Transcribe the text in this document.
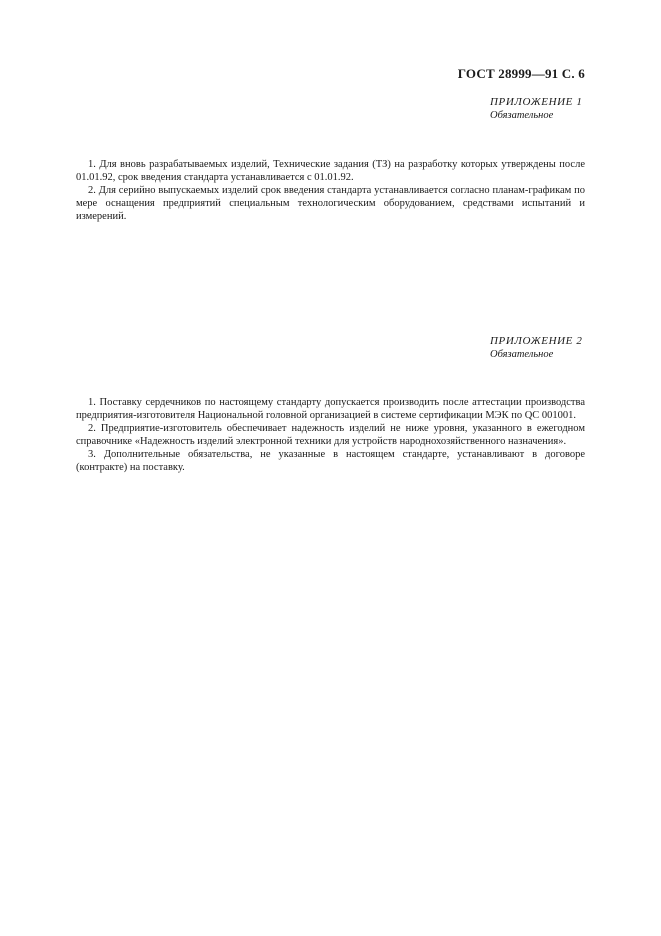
ГОСТ 28999—91 С. 6
ПРИЛОЖЕНИЕ 1
Обязательное

1. Для вновь разрабатываемых изделий, Технические задания (ТЗ) на разработку которых утверждены после 01.01.92, срок введения стандарта устанавливается с 01.01.92.

2. Для серийно выпускаемых изделий срок введения стандарта устанавливается согласно планам-графикам по мере оснащения предприятий специальным технологическим оборудованием, средствами испытаний и измерений.

ПРИЛОЖЕНИЕ 2
Обязательное

1. Поставку сердечников по настоящему стандарту допускается производить после аттестации производства предприятия-изготовителя Национальной головной организацией в системе сертификации МЭК по QC 001001.

2. Предприятие-изготовитель обеспечивает надежность изделий не ниже уровня, указанного в ежегодном справочнике «Надежность изделий электронной техники для устройств народнохозяйственного назначения».

3. Дополнительные обязательства, не указанные в настоящем стандарте, устанавливают в договоре (контракте) на поставку.
